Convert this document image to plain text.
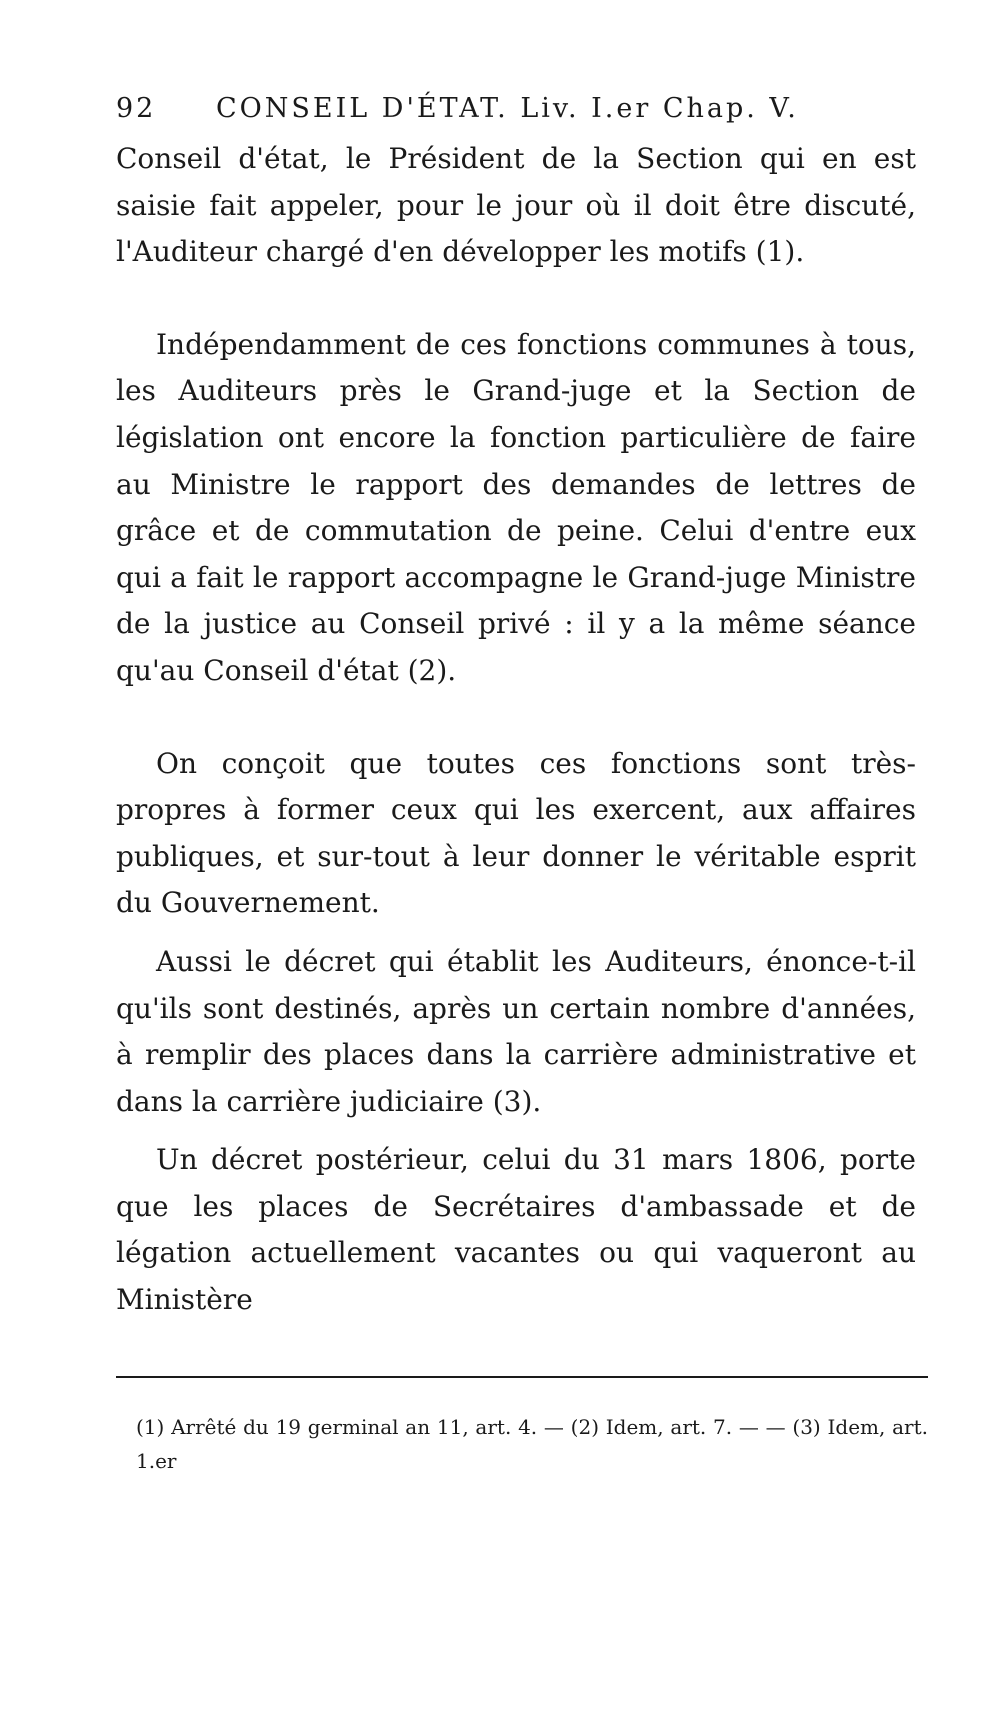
92 CONSEIL D'ÉTAT. Liv. I.er Chap. V.

Conseil d'état, le Président de la Section qui en est saisie fait appeler, pour le jour où il doit être discuté, l'Auditeur chargé d'en développer les motifs (1).

Indépendamment de ces fonctions communes à tous, les Auditeurs près le Grand-juge et la Section de législation ont encore la fonction particulière de faire au Ministre le rapport des demandes de lettres de grâce et de commutation de peine. Celui d'entre eux qui a fait le rapport accompagne le Grand-juge Ministre de la justice au Conseil privé : il y a la même séance qu'au Conseil d'état (2).

On conçoit que toutes ces fonctions sont très-propres à former ceux qui les exercent, aux affaires publiques, et sur-tout à leur donner le véritable esprit du Gouvernement.

Aussi le décret qui établit les Auditeurs, énonce-t-il qu'ils sont destinés, après un certain nombre d'années, à remplir des places dans la carrière administrative et dans la carrière judiciaire (3).

Un décret postérieur, celui du 31 mars 1806, porte que les places de Secrétaires d'ambassade et de légation actuellement vacantes ou qui vaqueront au Ministère

(1) Arrêté du 19 germinal an 11, art. 4. — (2) Idem, art. 7. — — (3) Idem, art. 1.er
